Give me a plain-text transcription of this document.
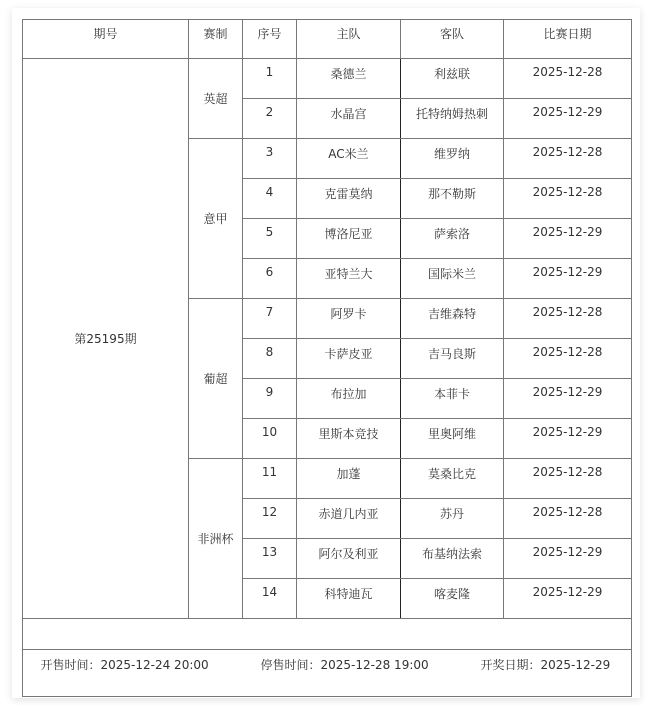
期号	赛制	序号	主队	客队	比赛日期
第25195期	英超	1	桑德兰	利兹联	2025-12-28
		2	水晶宫	托特纳姆热刺	2025-12-29
	意甲	3	AC米兰	维罗纳	2025-12-28
		4	克雷莫纳	那不勒斯	2025-12-28
		5	博洛尼亚	萨索洛	2025-12-29
		6	亚特兰大	国际米兰	2025-12-29
	葡超	7	阿罗卡	吉维森特	2025-12-28
		8	卡萨皮亚	吉马良斯	2025-12-28
		9	布拉加	本菲卡	2025-12-29
		10	里斯本竞技	里奥阿维	2025-12-29
	非洲杯	11	加蓬	莫桑比克	2025-12-28
		12	赤道几内亚	苏丹	2025-12-28
		13	阿尔及利亚	布基纳法索	2025-12-29
		14	科特迪瓦	喀麦隆	2025-12-29

开售时间：2025-12-24 20:00 停售时间：2025-12-28 19:00 开奖日期：2025-12-29					
